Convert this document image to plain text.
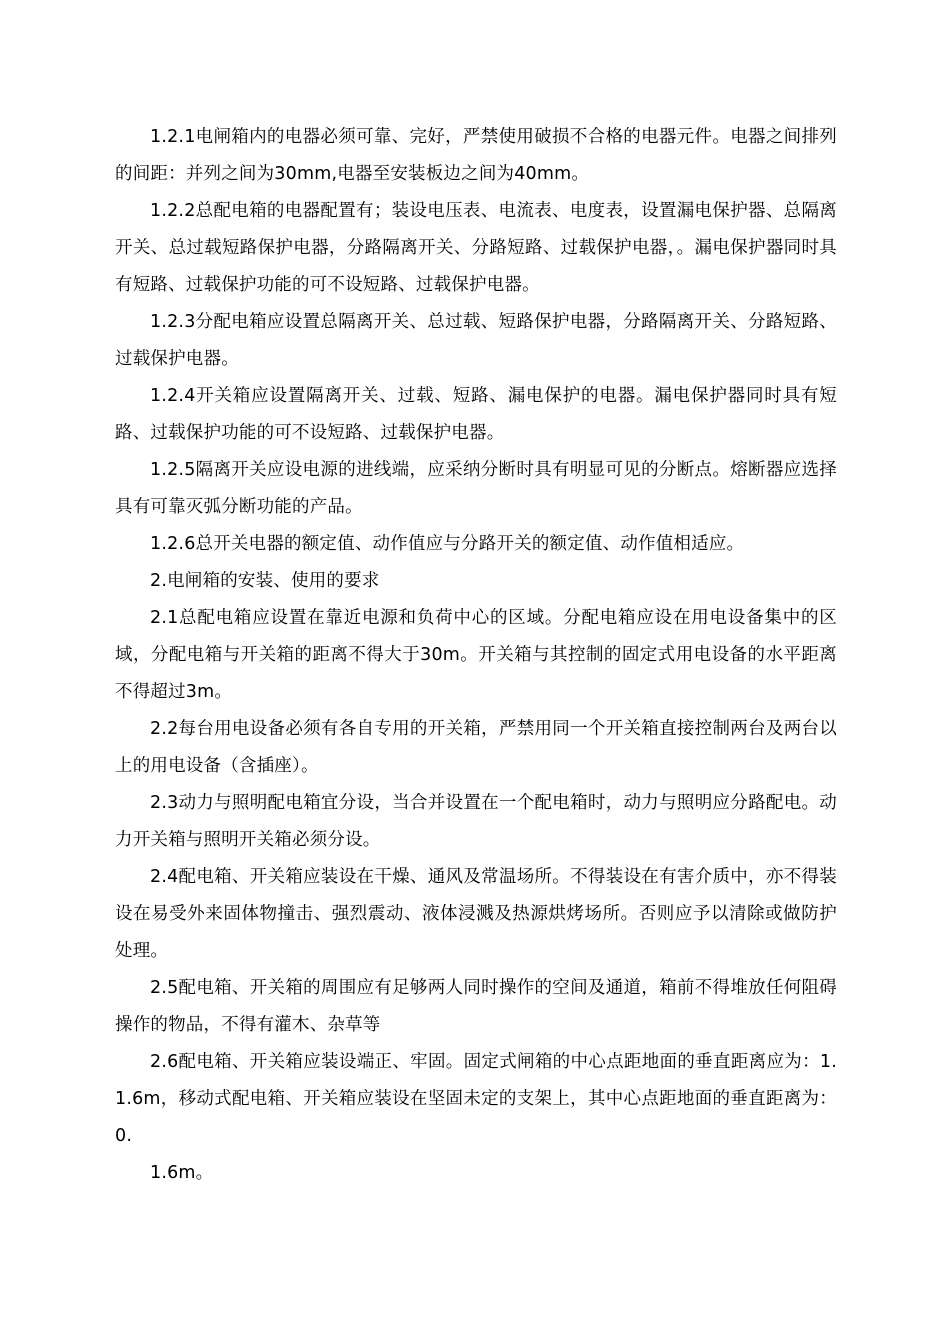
1.2.1电闸箱内的电器必须可靠、完好，严禁使用破损不合格的电器元件。电器之间排列的间距：并列之间为30mm,电器至安装板边之间为40mm。

1.2.2总配电箱的电器配置有；装设电压表、电流表、电度表，设置漏电保护器、总隔离开关、总过载短路保护电器，分路隔离开关、分路短路、过载保护电器，。漏电保护器同时具有短路、过载保护功能的可不设短路、过载保护电器。

1.2.3分配电箱应设置总隔离开关、总过载、短路保护电器，分路隔离开关、分路短路、过载保护电器。

1.2.4开关箱应设置隔离开关、过载、短路、漏电保护的电器。漏电保护器同时具有短路、过载保护功能的可不设短路、过载保护电器。

1.2.5隔离开关应设电源的进线端，应采纳分断时具有明显可见的分断点。熔断器应选择具有可靠灭弧分断功能的产品。

1.2.6总开关电器的额定值、动作值应与分路开关的额定值、动作值相适应。

2.电闸箱的安装、使用的要求

2.1总配电箱应设置在靠近电源和负荷中心的区域。分配电箱应设在用电设备集中的区域，分配电箱与开关箱的距离不得大于30m。开关箱与其控制的固定式用电设备的水平距离不得超过3m。

2.2每台用电设备必须有各自专用的开关箱，严禁用同一个开关箱直接控制两台及两台以上的用电设备（含插座）。

2.3动力与照明配电箱宜分设，当合并设置在一个配电箱时，动力与照明应分路配电。动力开关箱与照明开关箱必须分设。

2.4配电箱、开关箱应装设在干燥、通风及常温场所。不得装设在有害介质中，亦不得装设在易受外来固体物撞击、强烈震动、液体浸溅及热源烘烤场所。否则应予以清除或做防护处理。

2.5配电箱、开关箱的周围应有足够两人同时操作的空间及通道，箱前不得堆放任何阻碍操作的物品，不得有灌木、杂草等

2.6配电箱、开关箱应装设端正、牢固。固定式闸箱的中心点距地面的垂直距离应为：1.1.6m，移动式配电箱、开关箱应装设在坚固未定的支架上，其中心点距地面的垂直距离为：0.

1.6m。
